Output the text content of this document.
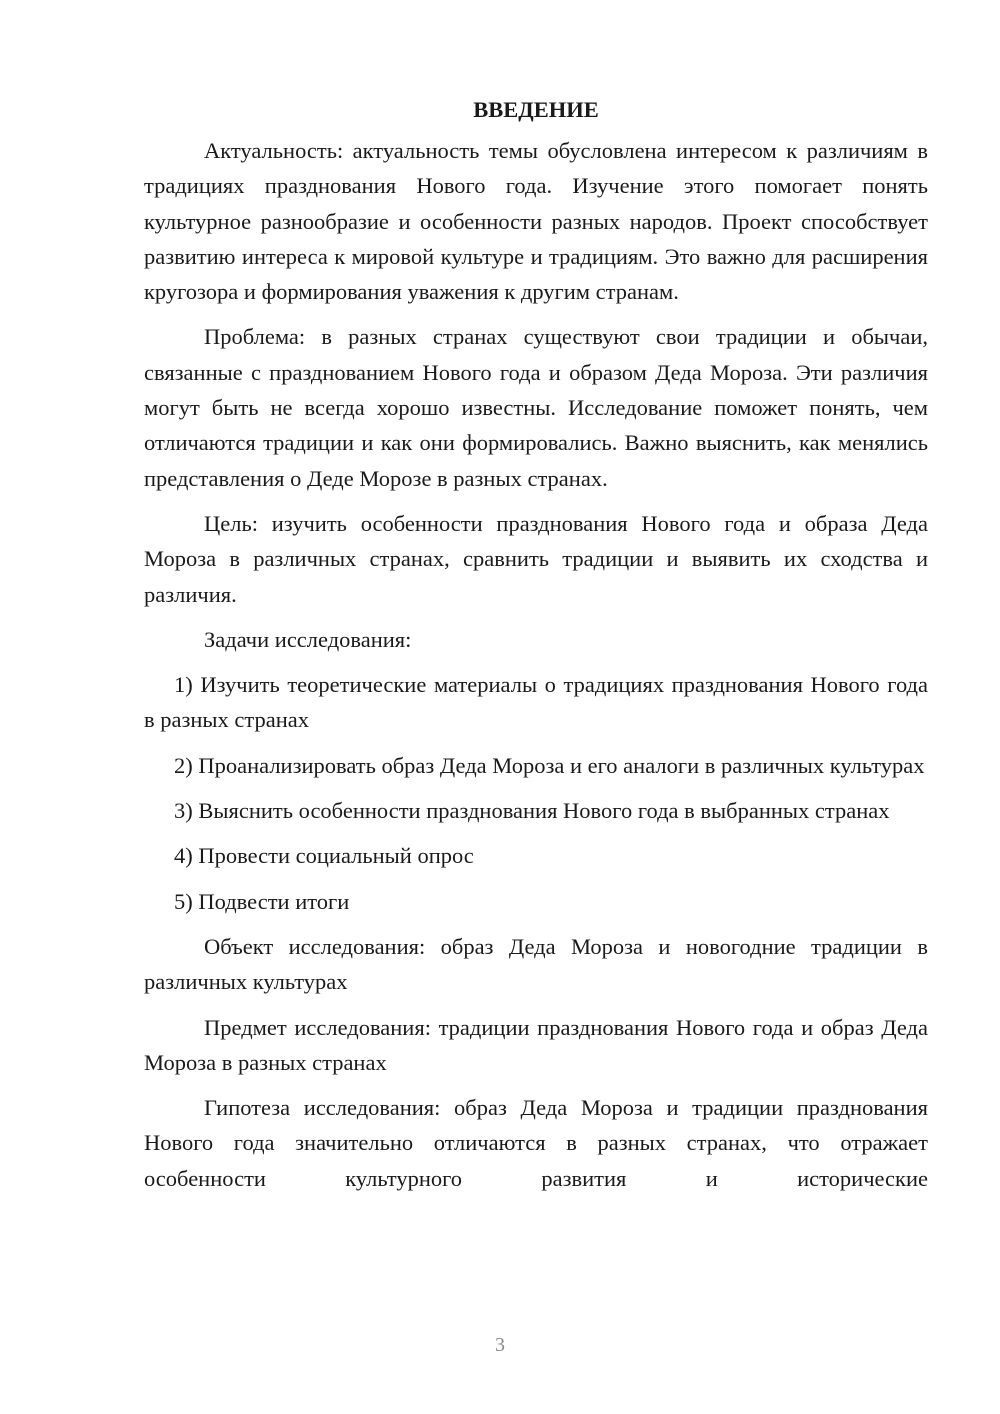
ВВЕДЕНИЕ

Актуальность: актуальность темы обусловлена интересом к различиям в традициях празднования Нового года. Изучение этого помогает понять культурное разнообразие и особенности разных народов. Проект способствует развитию интереса к мировой культуре и традициям. Это важно для расширения кругозора и формирования уважения к другим странам.

Проблема: в разных странах существуют свои традиции и обычаи, связанные с празднованием Нового года и образом Деда Мороза. Эти различия могут быть не всегда хорошо известны. Исследование поможет понять, чем отличаются традиции и как они формировались. Важно выяснить, как менялись представления о Деде Морозе в разных странах.

Цель: изучить особенности празднования Нового года и образа Деда Мороза в различных странах, сравнить традиции и выявить их сходства и различия.

Задачи исследования:

1) Изучить теоретические материалы о традициях празднования Нового года в разных странах

2) Проанализировать образ Деда Мороза и его аналоги в различных культурах

3) Выяснить особенности празднования Нового года в выбранных странах

4) Провести социальный опрос

5) Подвести итоги

Объект исследования: образ Деда Мороза и новогодние традиции в различных культурах

Предмет исследования: традиции празднования Нового года и образ Деда Мороза в разных странах

Гипотеза исследования: образ Деда Мороза и традиции празднования Нового года значительно отличаются в разных странах, что отражает особенности культурного развития и исторические

3
